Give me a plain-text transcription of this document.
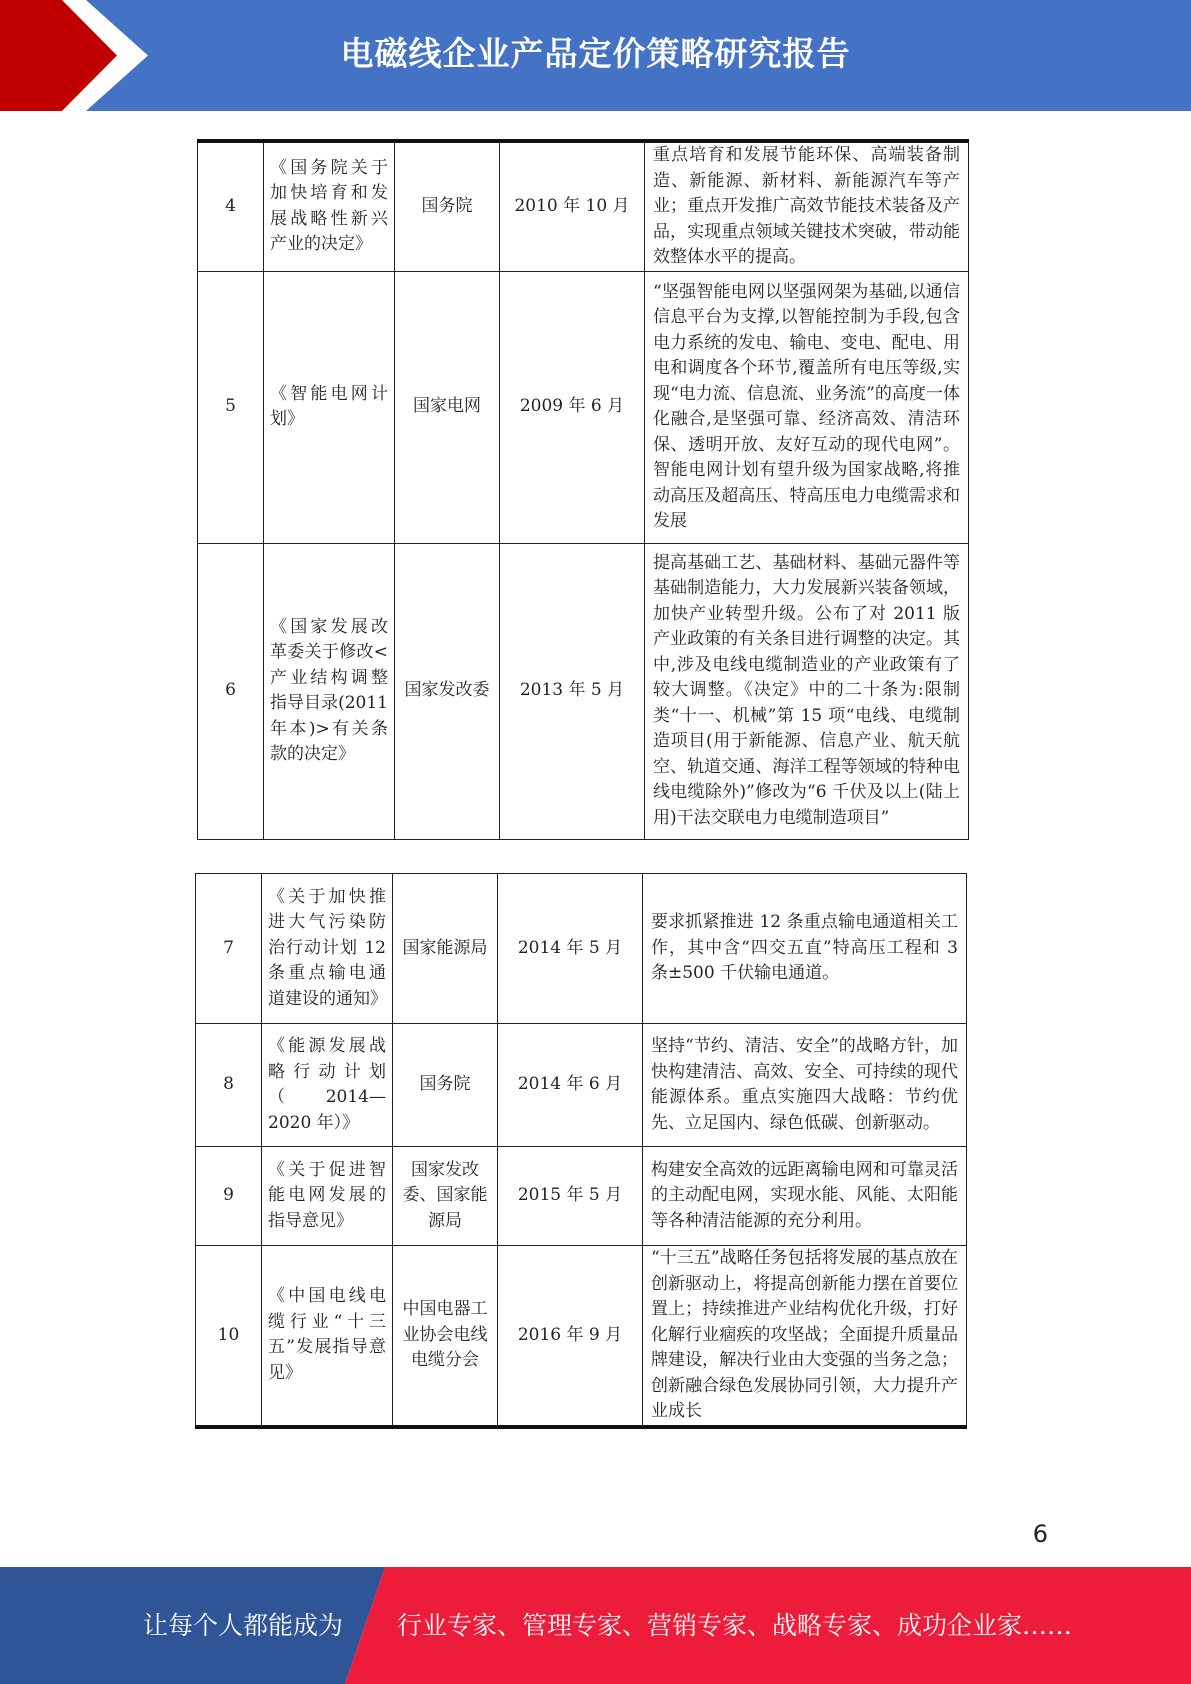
电磁线企业产品定价策略研究报告
4	《国务院关于加快培育和发展战略性新兴产业的决定》	国务院	2010 年 10 月	重点培育和发展节能环保、高端装备制造、新能源、新材料、新能源汽车等产业；重点开发推广高效节能技术装备及产品，实现重点领域关键技术突破，带动能效整体水平的提高。
5	《智能电网计划》	国家电网	2009 年 6 月	“坚强智能电网以坚强网架为基础,以通信信息平台为支撑,以智能控制为手段,包含电力系统的发电、输电、变电、配电、用电和调度各个环节,覆盖所有电压等级,实现“电力流、信息流、业务流”的高度一体化融合,是坚强可靠、经济高效、清洁环保、透明开放、友好互动的现代电网”。智能电网计划有望升级为国家战略,将推动高压及超高压、特高压电力电缆需求和发展
6	《国家发展改革委关于修改<产业结构调整指导目录(2011 年本)>有关条款的决定》	国家发改委	2013 年 5 月	提高基础工艺、基础材料、基础元器件等基础制造能力，大力发展新兴装备领域，加快产业转型升级。公布了对 2011 版产业政策的有关条目进行调整的决定。其中,涉及电线电缆制造业的产业政策有了较大调整。《决定》中的二十条为:限制类“十一、机械”第 15 项“电线、电缆制造项目(用于新能源、信息产业、航天航空、轨道交通、海洋工程等领域的特种电线电缆除外)”修改为“6 千伏及以上(陆上用)干法交联电力电缆制造项目”
7	《关于加快推进大气污染防治行动计划 12 条重点输电通道建设的通知》	国家能源局	2014 年 5 月	要求抓紧推进 12 条重点输电通道相关工作，其中含“四交五直”特高压工程和 3 条±500 千伏输电通道。
8	《能源发展战略行动计划（2014—2020 年）》	国务院	2014 年 6 月	坚持“节约、清洁、安全”的战略方针，加快构建清洁、高效、安全、可持续的现代能源体系。重点实施四大战略：节约优先、立足国内、绿色低碳、创新驱动。
9	《关于促进智能电网发展的指导意见》	国家发改委、国家能源局	2015 年 5 月	构建安全高效的远距离输电网和可靠灵活的主动配电网，实现水能、风能、太阳能等各种清洁能源的充分利用。
10	《中国电线电缆行业“十三五”发展指导意见》	中国电器工业协会电线电缆分会	2016 年 9 月	“十三五”战略任务包括将发展的基点放在创新驱动上，将提高创新能力摆在首要位置上；持续推进产业结构优化升级，打好化解行业痼疾的攻坚战；全面提升质量品牌建设，解决行业由大变强的当务之急；创新融合绿色发展协同引领，大力提升产业成长
6
让每个人都能成为 行业专家、管理专家、营销专家、战略专家、成功企业家……
